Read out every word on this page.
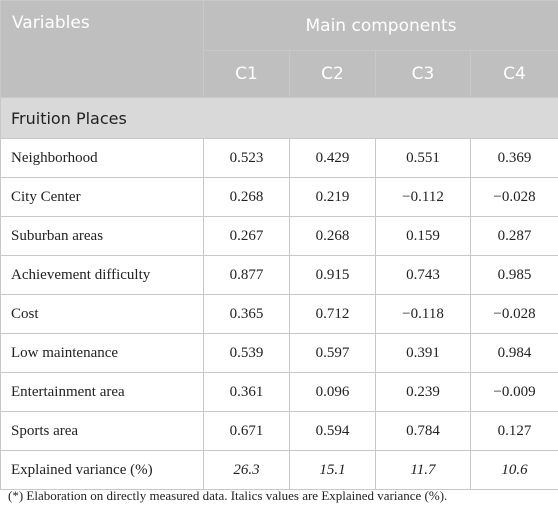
Variables	Main components			
	C1	C2	C3	C4
Fruition Places				
Neighborhood	0.523	0.429	0.551	0.369
City Center	0.268	0.219	−0.112	−0.028
Suburban areas	0.267	0.268	0.159	0.287
Achievement difficulty	0.877	0.915	0.743	0.985
Cost	0.365	0.712	−0.118	−0.028
Low maintenance	0.539	0.597	0.391	0.984
Entertainment area	0.361	0.096	0.239	−0.009
Sports area	0.671	0.594	0.784	0.127
Explained variance (%)	26.3	15.1	11.7	10.6
(*) Elaboration on directly measured data. Italics values are Explained variance (%).
